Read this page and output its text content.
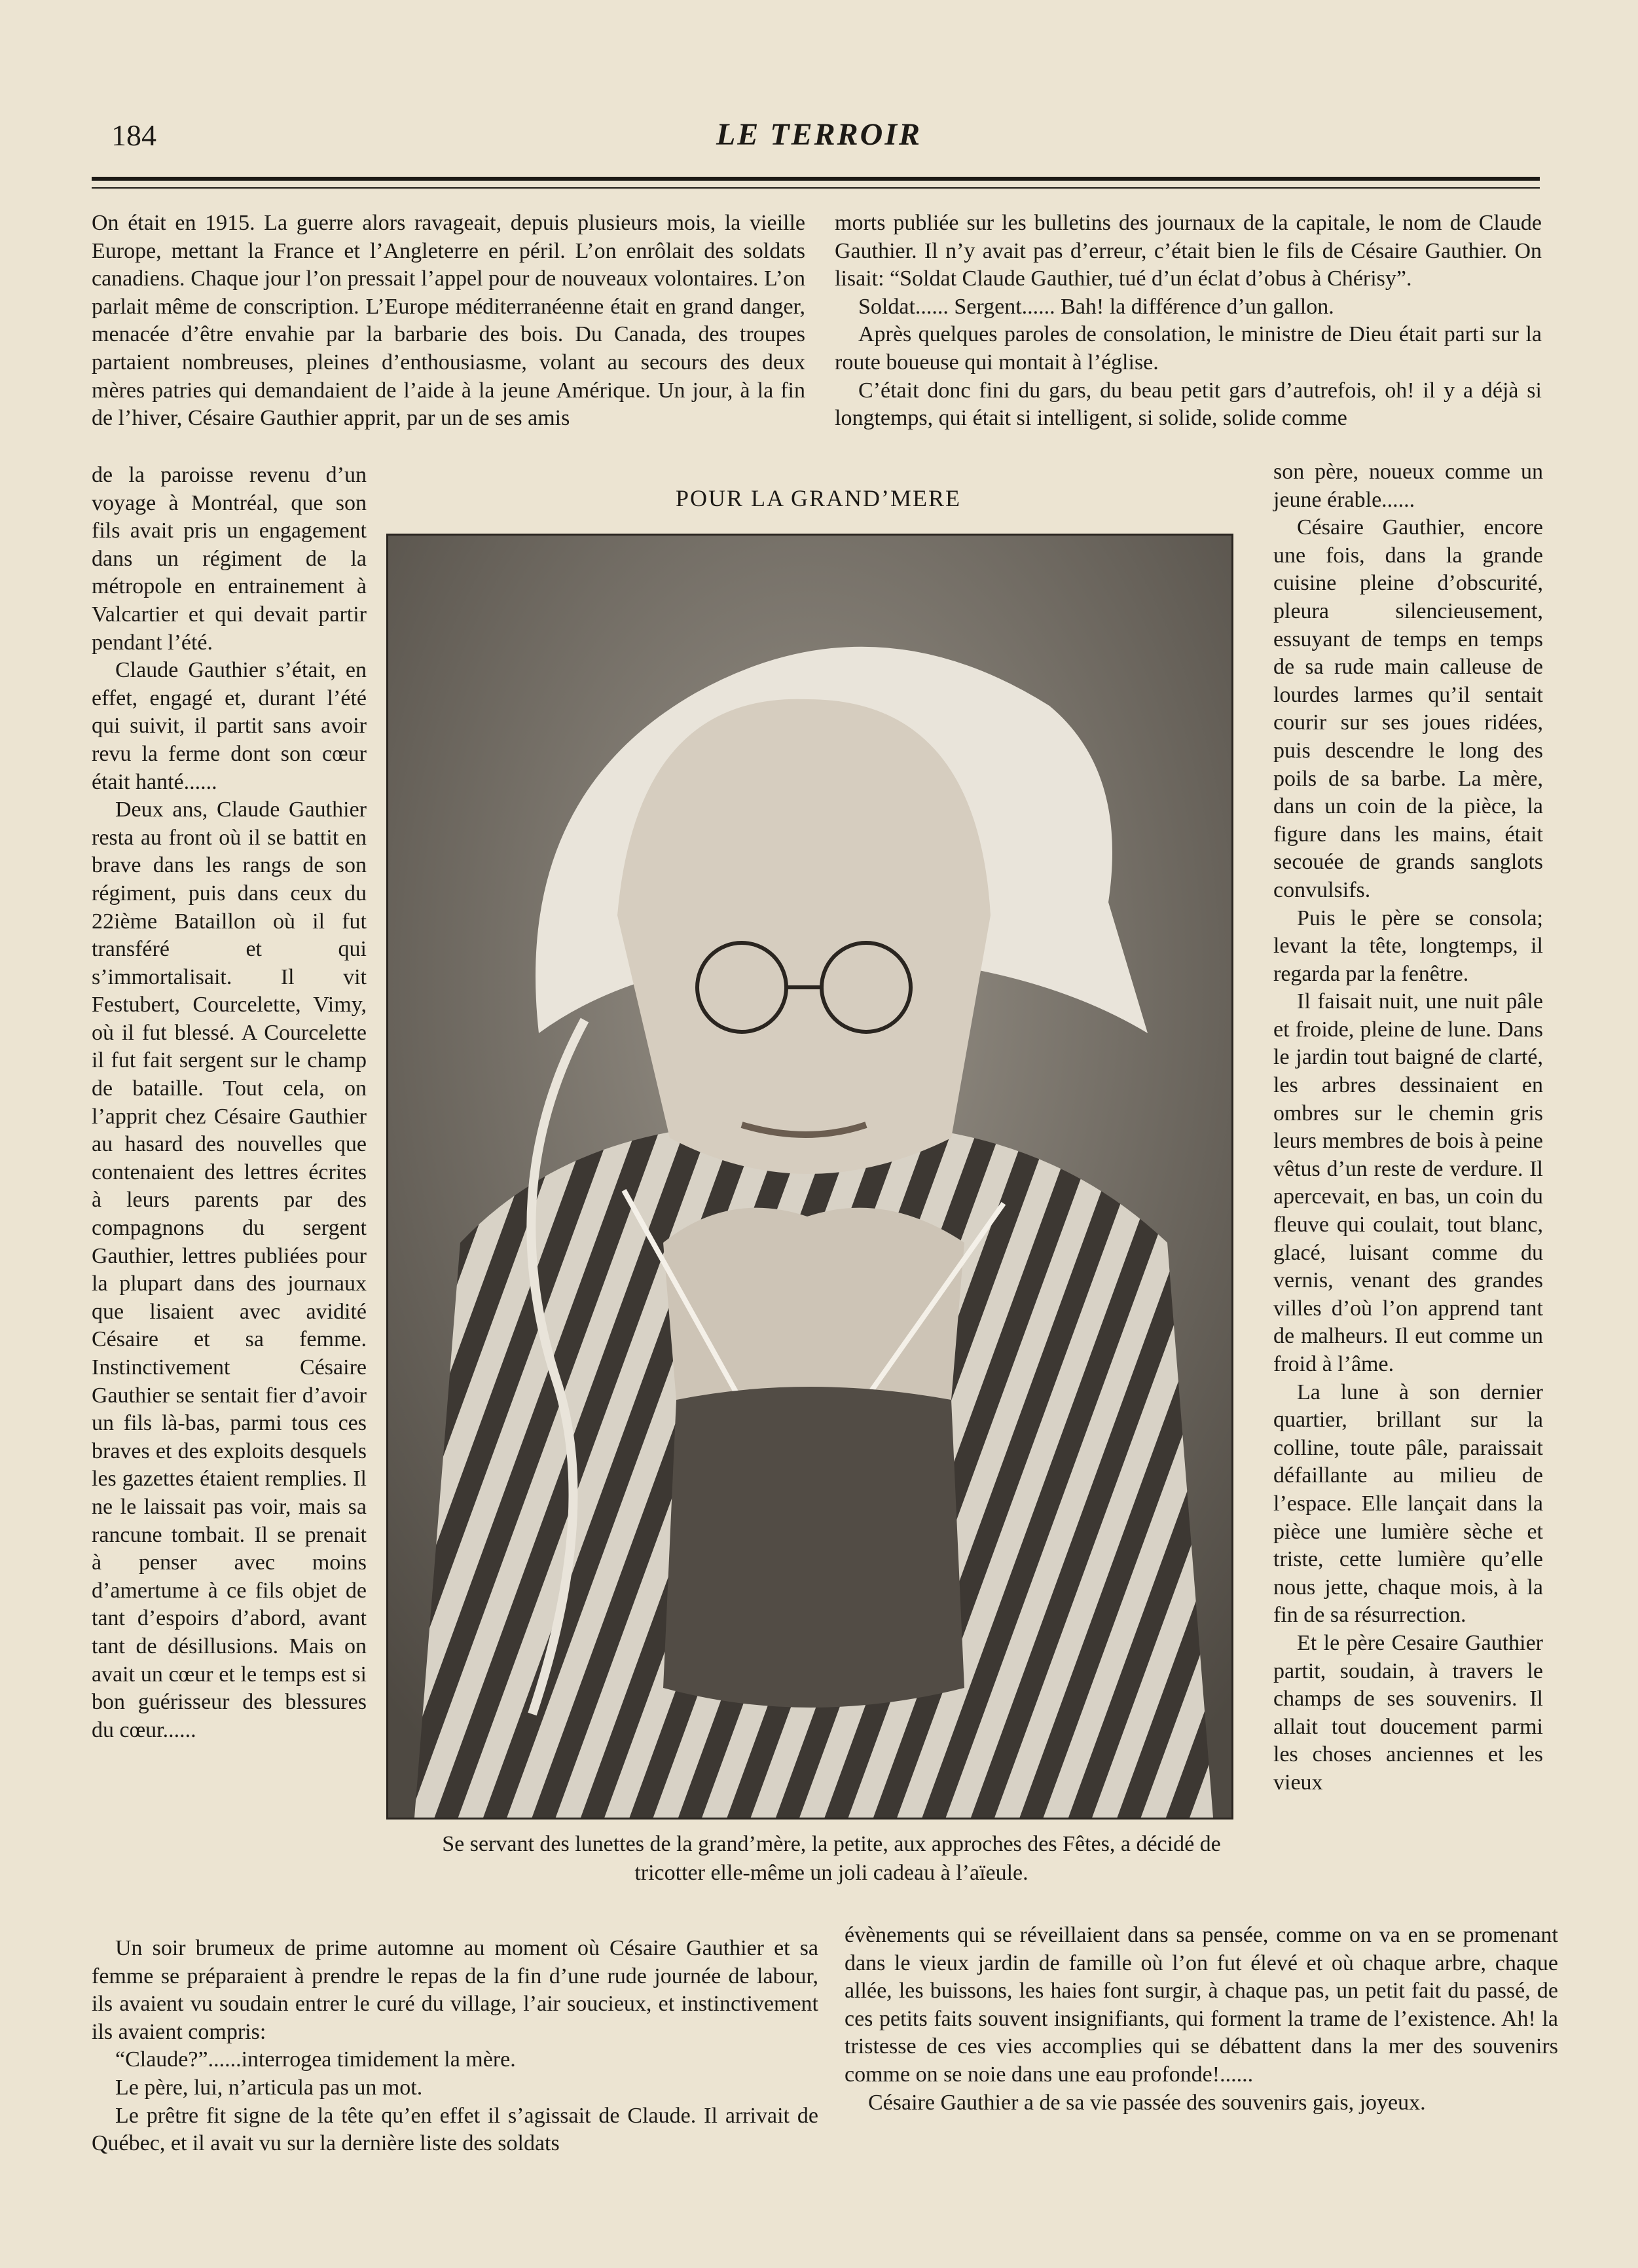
184	LE TERROIR

On était en 1915. La guerre alors ravageait, depuis plusieurs mois, la vieille Europe, mettant la France et l’Angleterre en péril. L’on enrôlait des soldats canadiens. Chaque jour l’on pressait l’appel pour de nouveaux volontaires. L’on parlait même de conscription. L’Europe méditerranéenne était en grand danger, menacée d’être envahie par la barbarie des bois. Du Canada, des troupes partaient nombreuses, pleines d’enthousiasme, volant au secours des deux mères patries qui demandaient de l’aide à la jeune Amérique. Un jour, à la fin de l’hiver, Césaire Gauthier apprit, par un de ses amis

de la paroisse revenu d’un voyage à Montréal, que son fils avait pris un engagement dans un régiment de la métropole en entrainement à Valcartier et qui devait partir pendant l’été.

Claude Gauthier s’était, en effet, engagé et, durant l’été qui suivit, il partit sans avoir revu la ferme dont son cœur était hanté......

Deux ans, Claude Gauthier resta au front où il se battit en brave dans les rangs de son régiment, puis dans ceux du 22ième Bataillon où il fut transféré et qui s’immortalisait. Il vit Festubert, Courcelette, Vimy, où il fut blessé. A Courcelette il fut fait sergent sur le champ de bataille. Tout cela, on l’apprit chez Césaire Gauthier au hasard des nouvelles que contenaient des lettres écrites à leurs parents par des compagnons du sergent Gauthier, lettres publiées pour la plupart dans des journaux que lisaient avec avidité Césaire et sa femme. Instinctivement Césaire Gauthier se sentait fier d’avoir un fils là-bas, parmi tous ces braves et des exploits desquels les gazettes étaient remplies. Il ne le laissait pas voir, mais sa rancune tombait. Il se prenait à penser avec moins d’amertume à ce fils objet de tant d’espoirs d’abord, avant tant de désillusions. Mais on avait un cœur et le temps est si bon guérisseur des blessures du cœur......

Un soir brumeux de prime automne au moment où Césaire Gauthier et sa femme se préparaient à prendre le repas de la fin d’une rude journée de labour, ils avaient vu soudain entrer le curé du village, l’air soucieux, et instinctivement ils avaient compris:

“Claude?”......interrogea timidement la mère.

Le père, lui, n’articula pas un mot.

Le prêtre fit signe de la tête qu’en effet il s’agissait de Claude. Il arrivait de Québec, et il avait vu sur la dernière liste des soldats

morts publiée sur les bulletins des journaux de la capitale, le nom de Claude Gauthier. Il n’y avait pas d’erreur, c’était bien le fils de Césaire Gauthier. On lisait: “Soldat Claude Gauthier, tué d’un éclat d’obus à Chérisy”.

Soldat...... Sergent...... Bah! la différence d’un gallon.

Après quelques paroles de consolation, le ministre de Dieu était parti sur la route boueuse qui montait à l’église.

C’était donc fini du gars, du beau petit gars d’autrefois, oh! il y a déjà si longtemps, qui était si intelligent, si solide, solide comme

son père, noueux comme un jeune érable......

Césaire Gauthier, encore une fois, dans la grande cuisine pleine d’obscurité, pleura silencieusement, essuyant de temps en temps de sa rude main calleuse de lourdes larmes qu’il sentait courir sur ses joues ridées, puis descendre le long des poils de sa barbe. La mère, dans un coin de la pièce, la figure dans les mains, était secouée de grands sanglots convulsifs.

Puis le père se consola; levant la tête, longtemps, il regarda par la fenêtre.

Il faisait nuit, une nuit pâle et froide, pleine de lune. Dans le jardin tout baigné de clarté, les arbres dessinaient en ombres sur le chemin gris leurs membres de bois à peine vêtus d’un reste de verdure. Il apercevait, en bas, un coin du fleuve qui coulait, tout blanc, glacé, luisant comme du vernis, venant des grandes villes d’où l’on apprend tant de malheurs. Il eut comme un froid à l’âme.

La lune à son dernier quartier, brillant sur la colline, toute pâle, paraissait défaillante au milieu de l’espace. Elle lançait dans la pièce une lumière sèche et triste, cette lumière qu’elle nous jette, chaque mois, à la fin de sa résurrection.

Et le père Cesaire Gauthier partit, soudain, à travers le champs de ses souvenirs. Il allait tout doucement parmi les choses anciennes et les vieux

évènements qui se réveillaient dans sa pensée, comme on va en se promenant dans le vieux jardin de famille où l’on fut élevé et où chaque arbre, chaque allée, les buissons, les haies font surgir, à chaque pas, un petit fait du passé, de ces petits faits souvent insignifiants, qui forment la trame de l’existence. Ah! la tristesse de ces vies accomplies qui se débattent dans la mer des souvenirs comme on se noie dans une eau profonde!......

Césaire Gauthier a de sa vie passée des souvenirs gais, joyeux.

POUR LA GRAND’MERE
Se servant des lunettes de la grand’mère, la petite, aux approches des Fêtes, a décidé de tricotter elle-même un joli cadeau à l’aïeule.
